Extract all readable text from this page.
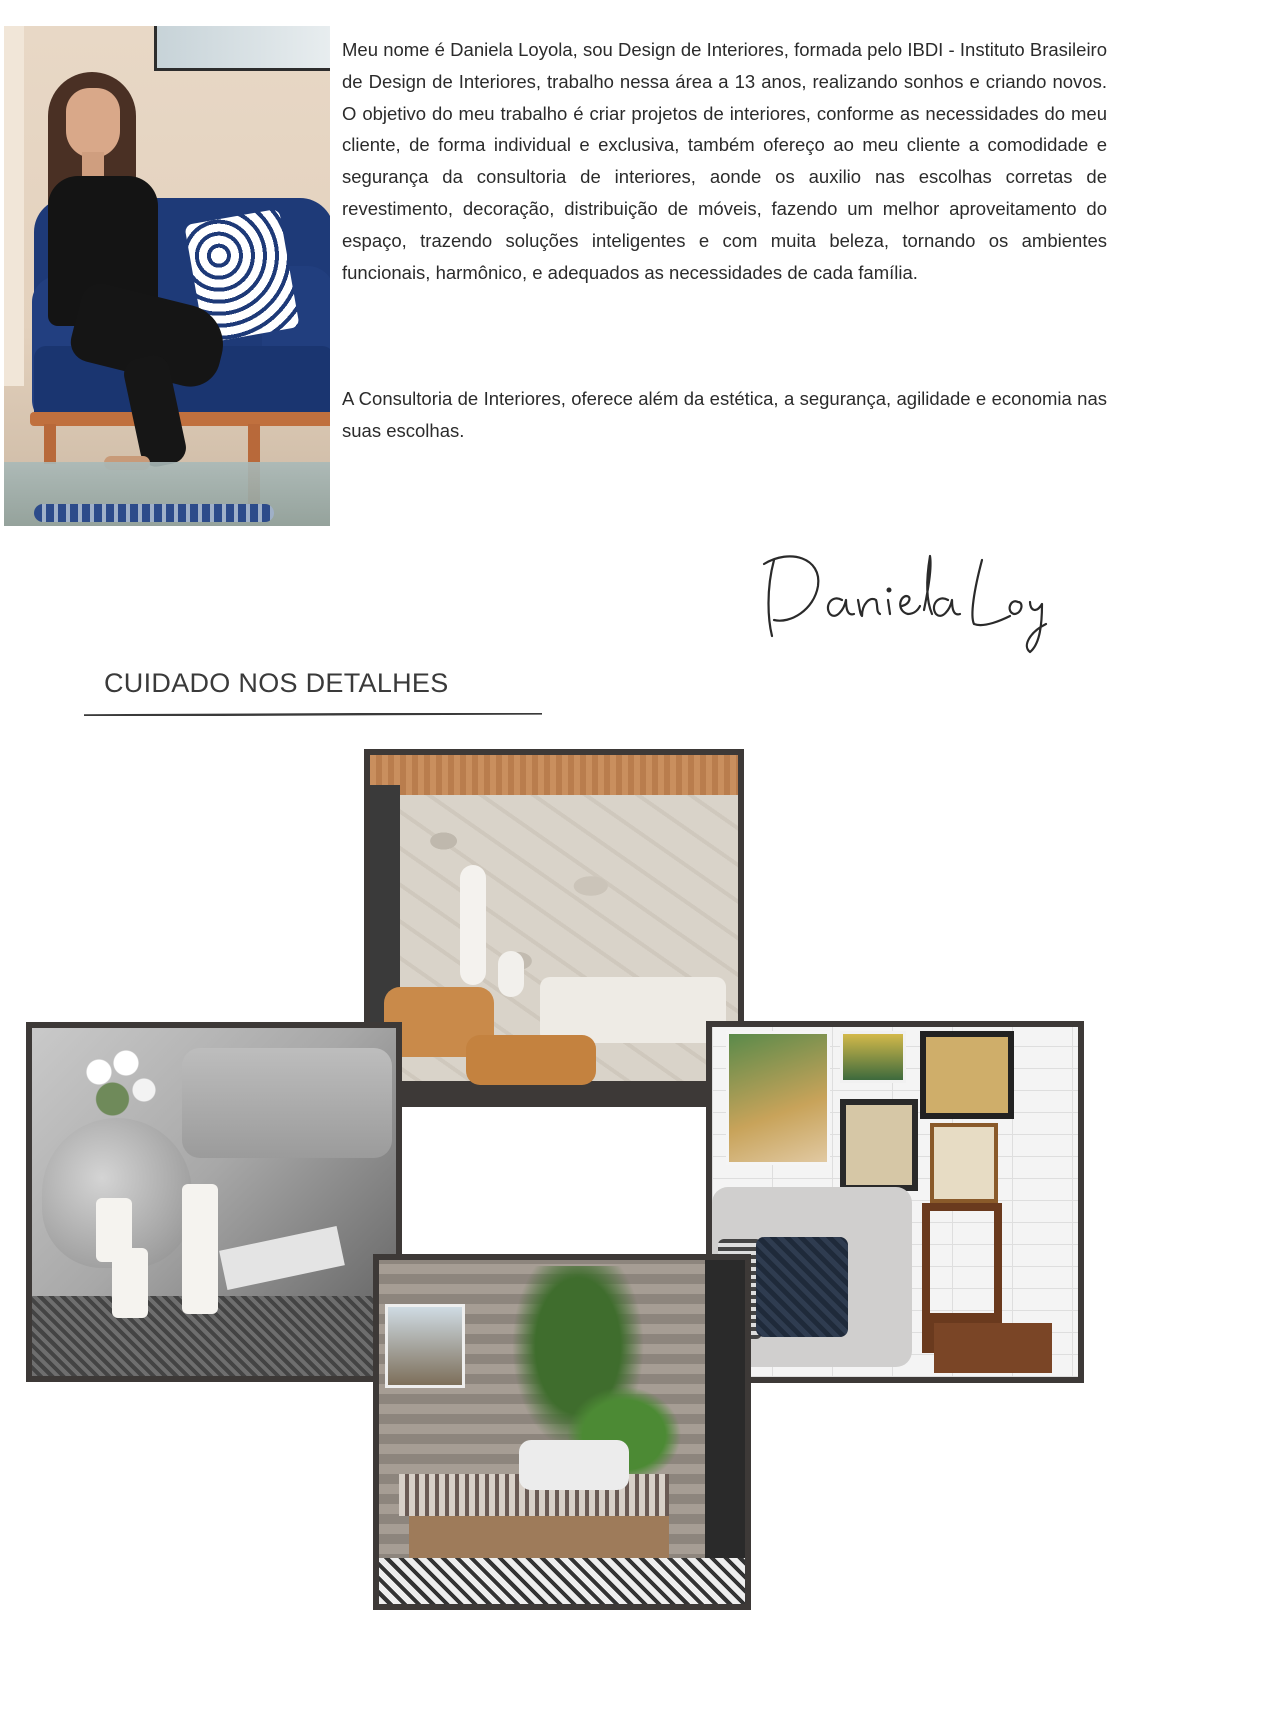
Meu nome é Daniela Loyola, sou Design de Interiores, formada pelo IBDI - Instituto Brasileiro de Design de Interiores, trabalho nessa área a 13 anos, realizando sonhos e criando novos. O objetivo do meu trabalho é criar projetos de interiores, conforme as necessidades do meu cliente, de forma individual e exclusiva, também ofereço ao meu cliente a comodidade e segurança da consultoria de interiores, aonde os auxilio nas escolhas corretas de revestimento, decoração, distribuição de móveis, fazendo um melhor aproveitamento do espaço, trazendo soluções inteligentes e com muita beleza, tornando os ambientes funcionais, harmônico, e adequados as necessidades de cada família.

A Consultoria de Interiores, oferece além da estética, a segurança, agilidade e economia nas suas escolhas.

CUIDADO NOS DETALHES
